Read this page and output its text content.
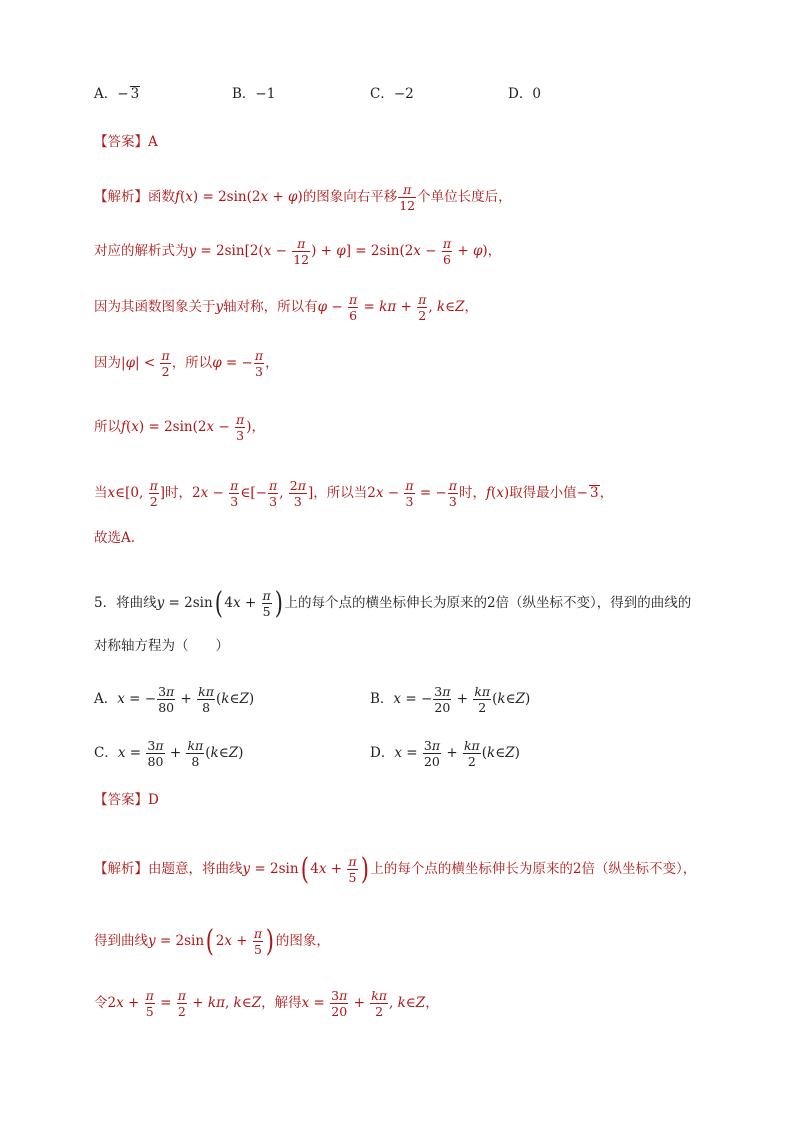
A．− 3	B．−1	C．−2	D．0
【答案】A
【解析】函数f(x) = 2sin(2x + φ)的图象向右平移 $\frac{\pi}{12}$ 个单位长度后，
对应的解析式为$y = 2\sin[2(x - \frac{\pi}{12}$ ) + $\varphi] = 2\sin(2x - \frac{\pi}{6} + \varphi)$，
因为其函数图象关于y轴对称，所以有$\varphi - \frac{\pi}{6} = k\pi + \frac{\pi}{2}$ , k∈Z，
因为$|\varphi| < \frac{\pi}{2}$ ，所以φ = − $\frac{\pi}{3}$ ，
所以$f(x) = 2\sin(2x - \frac{\pi}{3}$ )，
当x∈[0, $\frac{\pi}{2}$ ]时，$2x - \frac{\pi}{3}$ ∈[− $\frac{\pi}{3}$ , $\frac{2\pi}{3}$ ]，所以当$2x - \frac{\pi}{3}$ = − $\frac{\pi}{3}$ 时，f(x)取得最小值− 3，
故选A.
5．将曲线y = 2sin( $4x + \frac{\pi}{5}$ ) 上的每个点的横坐标伸长为原来的2倍（纵坐标不变），得到的曲线的
对称轴方程为（　　）
A．x = − $\frac{3\pi}{80} + \frac{k\pi}{8}$ (k∈Z)	B．x = − $\frac{3\pi}{20} + \frac{k\pi}{2}$ (k∈Z)
C．$x = \frac{3\pi}{80} + \frac{k\pi}{8}$ (k∈Z)	D．$x = \frac{3\pi}{20} + \frac{k\pi}{2}$ (k∈Z)
【答案】D
【解析】由题意，将曲线y = 2sin( $4x + \frac{\pi}{5}$ ) 上的每个点的横坐标伸长为原来的2倍（纵坐标不变），
得到曲线y = 2sin( $2x + \frac{\pi}{5}$ ) 的图象，
令$2x + \frac{\pi}{5} = \frac{\pi}{2} + k\pi$, k∈Z，解得$x = \frac{3\pi}{20} + \frac{k\pi}{2}$ , k∈Z，
